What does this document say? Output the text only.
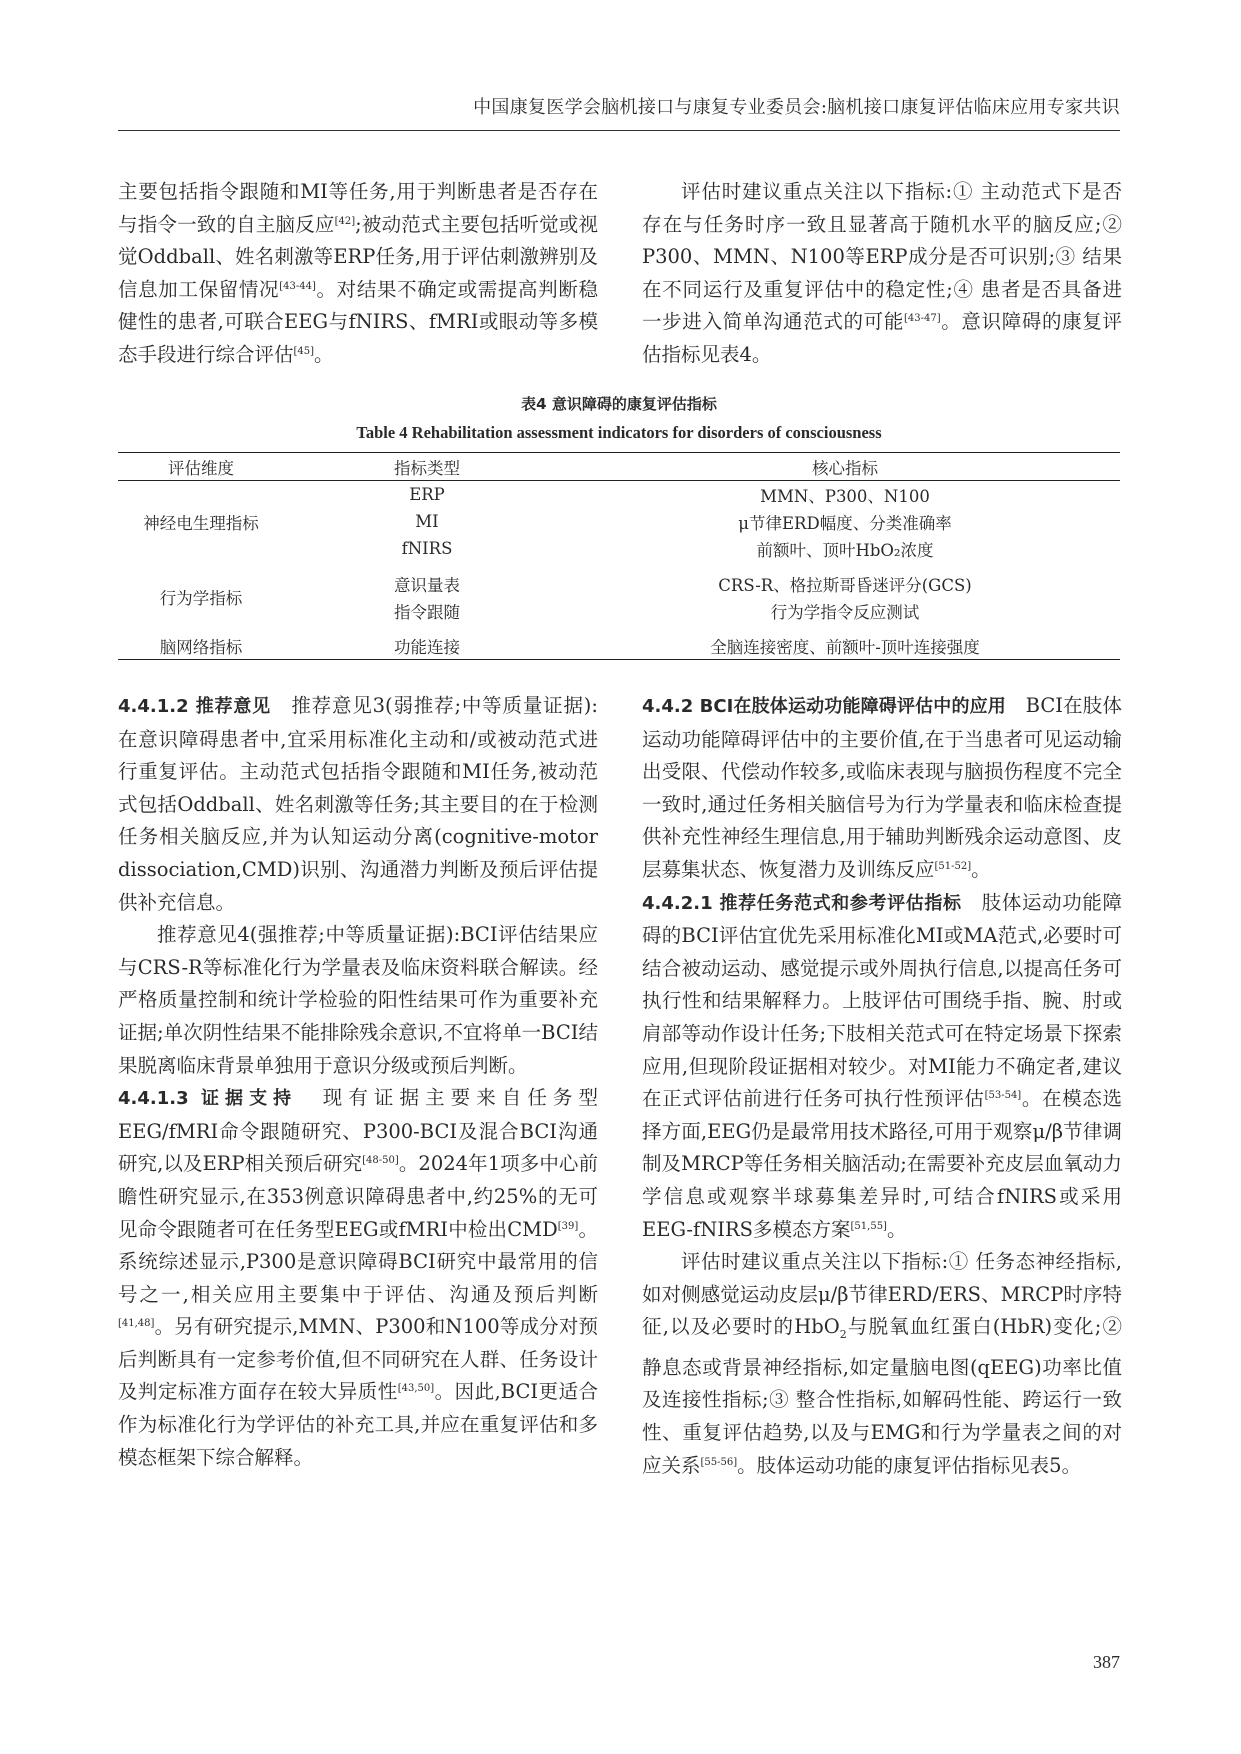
中国康复医学会脑机接口与康复专业委员会:脑机接口康复评估临床应用专家共识

主要包括指令跟随和MI等任务,用于判断患者是否存在与指令一致的自主脑反应[42];被动范式主要包括听觉或视觉Oddball、姓名刺激等ERP任务,用于评估刺激辨别及信息加工保留情况[43-44]。对结果不确定或需提高判断稳健性的患者,可联合EEG与fNIRS、fMRI或眼动等多模态手段进行综合评估[45]。

评估时建议重点关注以下指标:① 主动范式下是否存在与任务时序一致且显著高于随机水平的脑反应;② P300、MMN、N100等ERP成分是否可识别;③ 结果在不同运行及重复评估中的稳定性;④ 患者是否具备进一步进入简单沟通范式的可能[43-47]。意识障碍的康复评估指标见表4。

表4 意识障碍的康复评估指标
Table 4 Rehabilitation assessment indicators for disorders of consciousness
评估维度	指标类型	核心指标
神经电生理指标	ERP	MMN、P300、N100
	MI	μ节律ERD幅度、分类准确率
	fNIRS	前额叶、顶叶HbO₂浓度

行为学指标	意识量表	CRS-R、格拉斯哥昏迷评分(GCS)
	指令跟随	行为学指令反应测试

脑网络指标	功能连接	全脑连接密度、前额叶-顶叶连接强度

4.4.1.2 推荐意见　 推荐意见3(弱推荐;中等质量证据):在意识障碍患者中,宜采用标准化主动和/或被动范式进行重复评估。主动范式包括指令跟随和MI任务,被动范式包括Oddball、姓名刺激等任务;其主要目的在于检测任务相关脑反应,并为认知运动分离(cognitive-motor dissociation,CMD)识别、沟通潜力判断及预后评估提供补充信息。

推荐意见4(强推荐;中等质量证据):BCI评估结果应与CRS-R等标准化行为学量表及临床资料联合解读。经严格质量控制和统计学检验的阳性结果可作为重要补充证据;单次阴性结果不能排除残余意识,不宜将单一BCI结果脱离临床背景单独用于意识分级或预后判断。

4.4.1.3 证据支持　 现有证据主要来自任务型EEG/fMRI命令跟随研究、P300-BCI及混合BCI沟通研究,以及ERP相关预后研究[48-50]。2024年1项多中心前瞻性研究显示,在353例意识障碍患者中,约25%的无可见命令跟随者可在任务型EEG或fMRI中检出CMD[39]。系统综述显示,P300是意识障碍BCI研究中最常用的信号之一,相关应用主要集中于评估、沟通及预后判断[41,48]。另有研究提示,MMN、P300和N100等成分对预后判断具有一定参考价值,但不同研究在人群、任务设计及判定标准方面存在较大异质性[43,50]。因此,BCI更适合作为标准化行为学评估的补充工具,并应在重复评估和多模态框架下综合解释。

4.4.2 BCI在肢体运动功能障碍评估中的应用　 BCI在肢体运动功能障碍评估中的主要价值,在于当患者可见运动输出受限、代偿动作较多,或临床表现与脑损伤程度不完全一致时,通过任务相关脑信号为行为学量表和临床检查提供补充性神经生理信息,用于辅助判断残余运动意图、皮层募集状态、恢复潜力及训练反应[51-52]。

4.4.2.1 推荐任务范式和参考评估指标　 肢体运动功能障碍的BCI评估宜优先采用标准化MI或MA范式,必要时可结合被动运动、感觉提示或外周执行信息,以提高任务可执行性和结果解释力。上肢评估可围绕手指、腕、肘或肩部等动作设计任务;下肢相关范式可在特定场景下探索应用,但现阶段证据相对较少。对MI能力不确定者,建议在正式评估前进行任务可执行性预评估[53-54]。在模态选择方面,EEG仍是最常用技术路径,可用于观察μ/β节律调制及MRCP等任务相关脑活动;在需要补充皮层血氧动力学信息或观察半球募集差异时,可结合fNIRS或采用EEG-fNIRS多模态方案[51,55]。

评估时建议重点关注以下指标:① 任务态神经指标,如对侧感觉运动皮层μ/β节律ERD/ERS、MRCP时序特征,以及必要时的HbO$_2$与脱氧血红蛋白(HbR)变化;② 静息态或背景神经指标,如定量脑电图(qEEG)功率比值及连接性指标;③ 整合性指标,如解码性能、跨运行一致性、重复评估趋势,以及与EMG和行为学量表之间的对应关系[55-56]。肢体运动功能的康复评估指标见表5。

387
